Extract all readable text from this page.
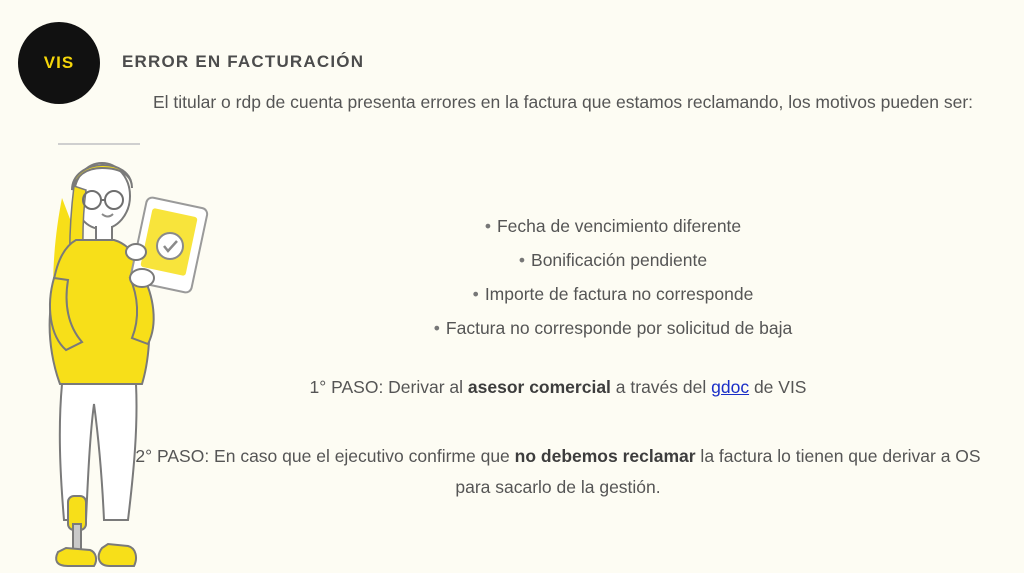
VIS	ERROR EN FACTURACIÓN
El titular o rdp de cuenta presenta errores en la factura que estamos reclamando, los motivos pueden ser:
• Fecha de vencimiento diferente
• Bonificación pendiente
• Importe de factura no corresponde
• Factura no corresponde por solicitud de baja
1° PASO: Derivar al asesor comercial a través del gdoc de VIS
2° PASO: En caso que el ejecutivo confirme que no debemos reclamar la factura lo tienen que derivar a OS para sacarlo de la gestión.
